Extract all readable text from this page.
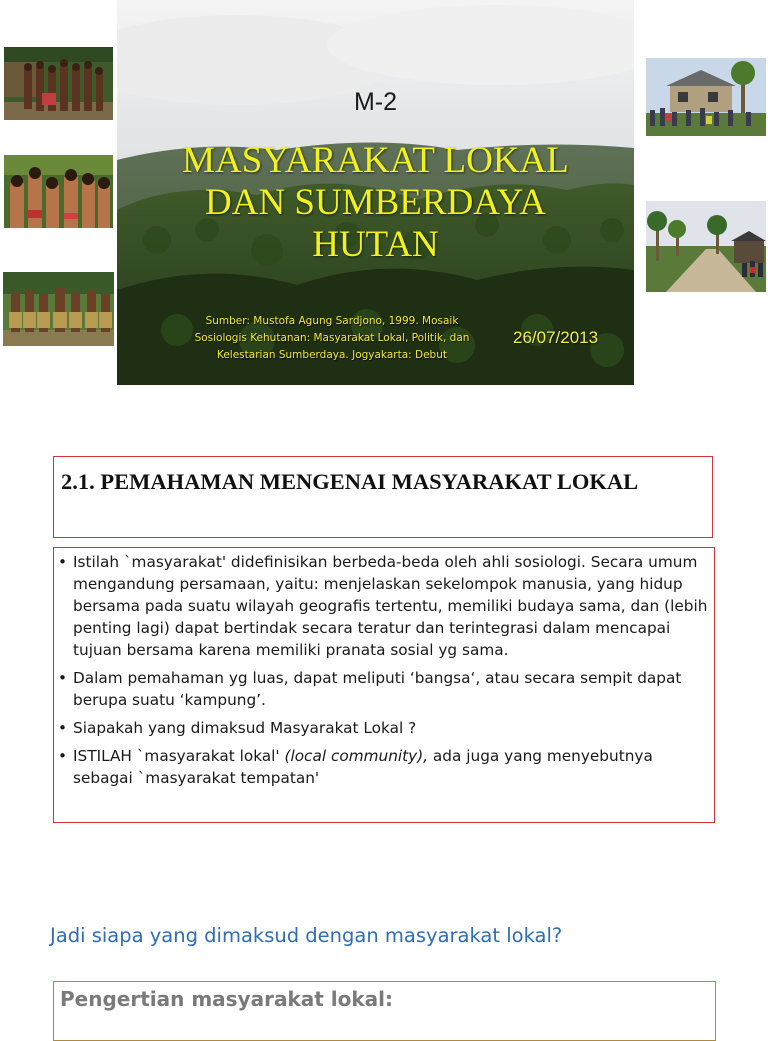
M-2
MASYARAKAT LOKAL
DAN SUMBERDAYA
HUTAN
Sumber: Mustofa Agung Sardjono, 1999. Mosaik
Sosiologis Kehutanan: Masyarakat Lokal, Politik, dan
Kelestarian Sumberdaya. Jogyakarta: Debut
26/07/2013
2.1. PEMAHAMAN MENGENAI MASYARAKAT LOKAL
• Istilah `masyarakat' didefinisikan berbeda-beda oleh ahli sosiologi. Secara umum mengandung persamaan, yaitu: menjelaskan sekelompok manusia, yang hidup bersama pada suatu wilayah geografis tertentu, memiliki budaya sama, dan (lebih penting lagi) dapat bertindak secara teratur dan terintegrasi dalam mencapai tujuan bersama karena memiliki pranata sosial yg sama.
• Dalam pemahaman yg luas, dapat meliputi ‘bangsa‘, atau secara sempit dapat berupa suatu ‘kampung’.
• Siapakah yang dimaksud Masyarakat Lokal ?
• ISTILAH `masyarakat lokal' (local community), ada juga yang menyebutnya sebagai `masyarakat tempatan'
Jadi siapa yang dimaksud dengan masyarakat lokal?
Pengertian masyarakat lokal:
